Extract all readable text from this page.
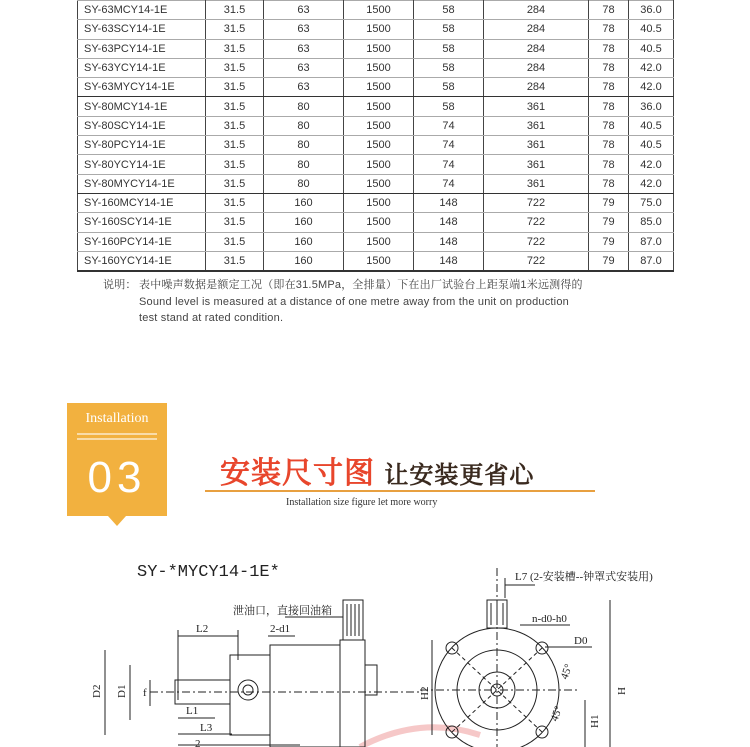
SY-63MCY14-1E	31.5	63	1500	58	284	78	36.0
SY-63SCY14-1E	31.5	63	1500	58	284	78	40.5
SY-63PCY14-1E	31.5	63	1500	58	284	78	40.5
SY-63YCY14-1E	31.5	63	1500	58	284	78	42.0
SY-63MYCY14-1E	31.5	63	1500	58	284	78	42.0
SY-80MCY14-1E	31.5	80	1500	58	361	78	36.0
SY-80SCY14-1E	31.5	80	1500	74	361	78	40.5
SY-80PCY14-1E	31.5	80	1500	74	361	78	40.5
SY-80YCY14-1E	31.5	80	1500	74	361	78	42.0
SY-80MYCY14-1E	31.5	80	1500	74	361	78	42.0
SY-160MCY14-1E	31.5	160	1500	148	722	79	75.0
SY-160SCY14-1E	31.5	160	1500	148	722	79	85.0
SY-160PCY14-1E	31.5	160	1500	148	722	79	87.0
SY-160YCY14-1E	31.5	160	1500	148	722	79	87.0
说明： 表中噪声数据是额定工况（即在31.5MPa，全排量）下在出厂试验台上距泵端1米远测得的
Sound level is measured at a distance of one metre away from the unit on production
test stand at rated condition.
Installation
03	安装尺寸图 让安装更省心
Installation size figure let more worry
SY-*MYCY14-1E*
泄油口，直接回油箱
L7 (2-安装槽--钟罩式安装用)
L2	2-d1
n-d0-h0
D0
45°
45°
D2 D1 f
L1
L3
2
H2
H1
H
